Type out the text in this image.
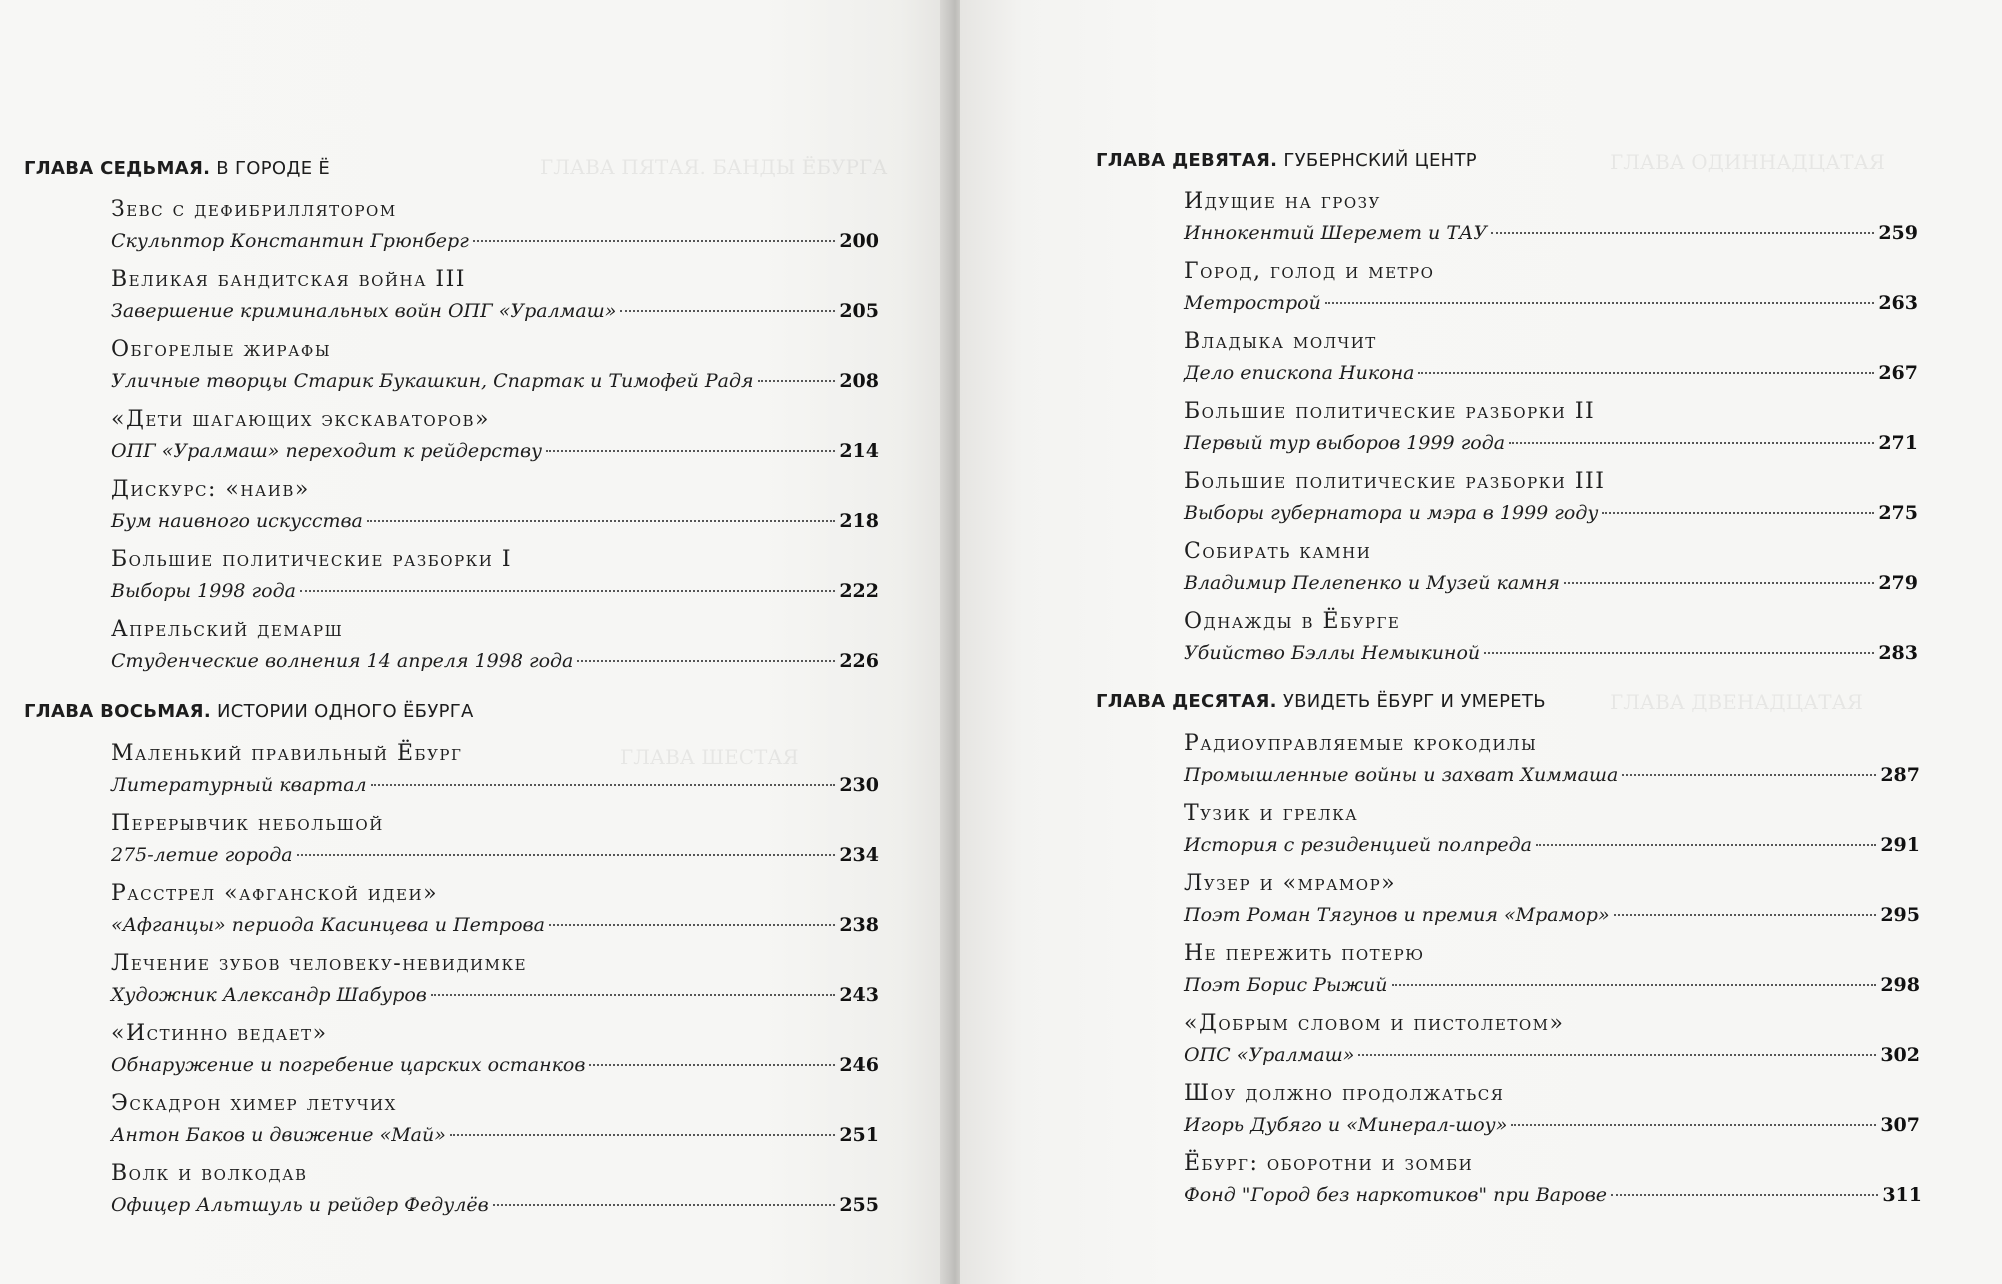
ГЛАВА ПЯТАЯ. БАНДЫ ЁБУРГА
ГЛАВА ШЕСТАЯ
ГЛАВА СЕДЬМАЯ. В ГОРОДЕ Ё
Зевс с дефибриллятором
Скульптор Константин Грюнберг	200
Великая бандитская война III
Завершение криминальных войн ОПГ «Уралмаш»	205
Обгорелые жирафы
Уличные творцы Старик Букашкин, Спартак и Тимофей Радя	208
«Дети шагающих экскаваторов»
ОПГ «Уралмаш» переходит к рейдерству	214
Дискурс: «наив»
Бум наивного искусства	218
Большие политические разборки I
Выборы 1998 года	222
Апрельский демарш
Студенческие волнения 14 апреля 1998 года	226
ГЛАВА ВОСЬМАЯ. ИСТОРИИ ОДНОГО ЁБУРГА
Маленький правильный Ёбург
Литературный квартал	230
Перерывчик небольшой
275-летие города	234
Расстрел «афганской идеи»
«Афганцы» периода Касинцева и Петрова	238
Лечение зубов человеку-невидимке
Художник Александр Шабуров	243
«Истинно ведает»
Обнаружение и погребение царских останков	246
Эскадрон химер летучих
Антон Баков и движение «Май»	251
Волк и волкодав
Офицер Альтшуль и рейдер Федулёв	255
ГЛАВА ОДИННАДЦАТАЯ
ГЛАВА ДВЕНАДЦАТАЯ
ГЛАВА ДЕВЯТАЯ. ГУБЕРНСКИЙ ЦЕНТР
Идущие на грозу
Иннокентий Шеремет и ТАУ	259
Город, голод и метро
Метрострой	263
Владыка молчит
Дело епископа Никона	267
Большие политические разборки II
Первый тур выборов 1999 года	271
Большие политические разборки III
Выборы губернатора и мэра в 1999 году	275
Собирать камни
Владимир Пелепенко и Музей камня	279
Однажды в Ёбурге
Убийство Бэллы Немыкиной	283
ГЛАВА ДЕСЯТАЯ. УВИДЕТЬ ЁБУРГ И УМЕРЕТЬ
Радиоуправляемые крокодилы
Промышленные войны и захват Химмаша	287
Тузик и грелка
История с резиденцией полпреда	291
Лузер и «мрамор»
Поэт Роман Тягунов и премия «Мрамор»	295
Не пережить потерю
Поэт Борис Рыжий	298
«Добрым словом и пистолетом»
ОПС «Уралмаш»	302
Шоу должно продолжаться
Игорь Дубяго и «Минерал-шоу»	307
Ёбург: оборотни и зомби
Фонд "Город без наркотиков" при Варове	311
